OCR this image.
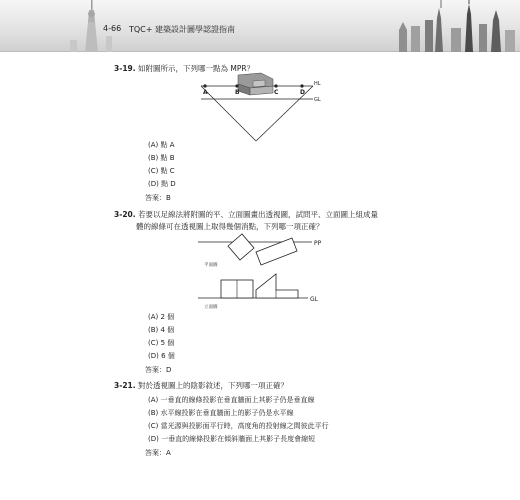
4-66 TQC+ 建築設計圖學認證指南
3-19. 如附圖所示，下列哪一點為 MPR？
A	B	C	D
HL
GL
(A) 點 A
(B) 點 B
(C) 點 C
(D) 點 D
答案：B
3-20. 若要以足線法將附圖的平、立面圖畫出透視圖，試問平、立面圖上組成量
體的線條可在透視圖上取得幾個消點，下列哪一項正確？
PP
GL
平面圖
立面圖
(A) 2 個
(B) 4 個
(C) 5 個
(D) 6 個
答案：D
3-21. 對於透視圖上的陰影敘述，下列哪一項正確？
(A) 一垂直的線條投影在垂直牆面上其影子仍是垂直線
(B) 水平線投影在垂直牆面上的影子仍是水平線
(C) 當光源與投影面平行時，高度角的投射線之間彼此平行
(D) 一垂直的線條投影在傾斜牆面上其影子長度會縮短
答案：A
